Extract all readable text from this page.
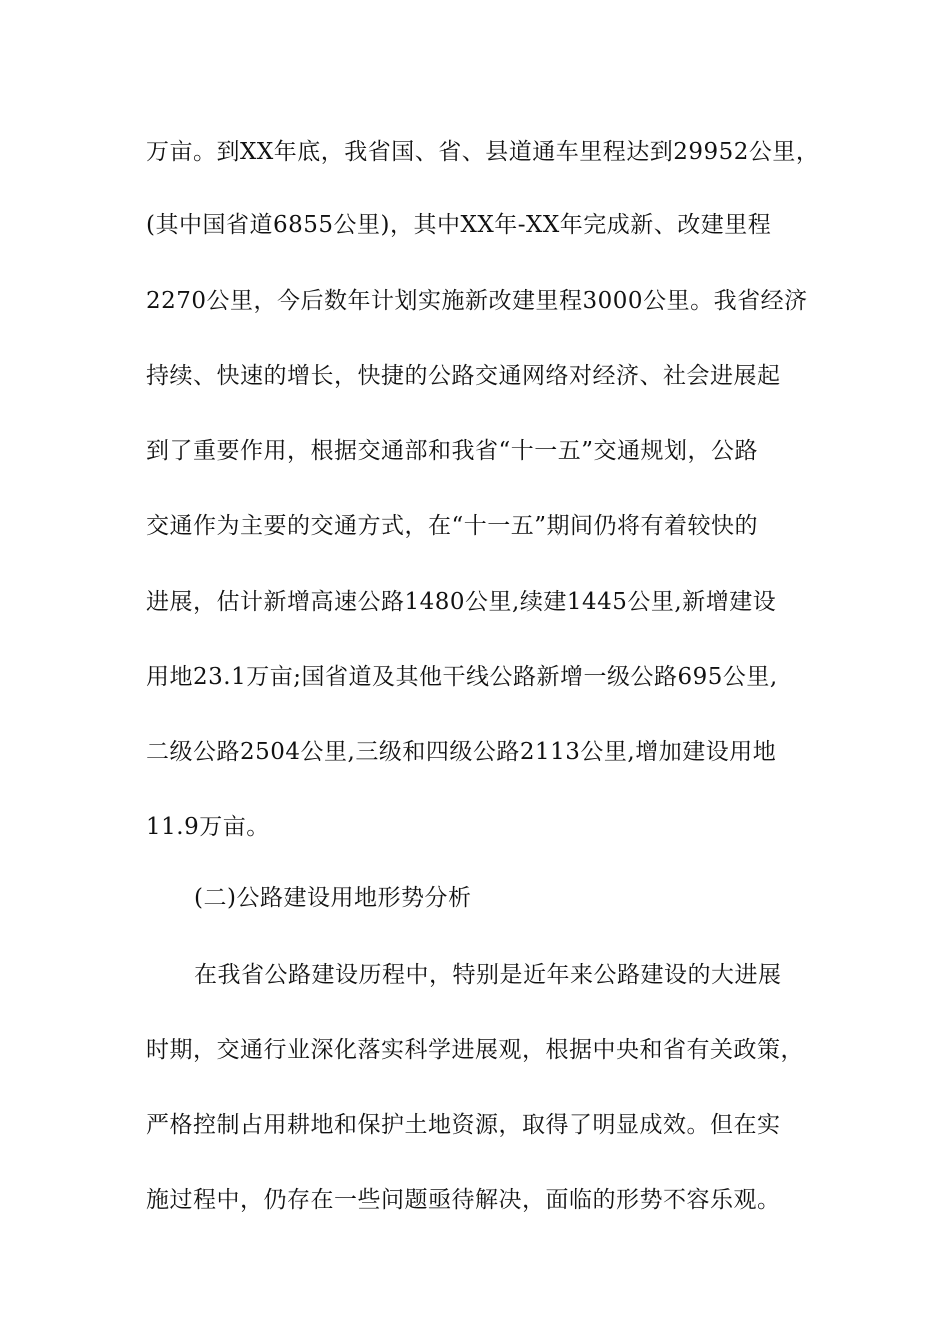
万亩。到XX年底，我省国、省、县道通车里程达到29952公里，
(其中国省道6855公里)，其中XX年-XX年完成新、改建里程
2270公里，今后数年计划实施新改建里程3000公里。我省经济
持续、快速的增长，快捷的公路交通网络对经济、社会进展起
到了重要作用，根据交通部和我省“十一五”交通规划，公路
交通作为主要的交通方式，在“十一五”期间仍将有着较快的
进展，估计新增高速公路1480公里,续建1445公里,新增建设
用地23.1万亩;国省道及其他干线公路新增一级公路695公里,
二级公路2504公里,三级和四级公路2113公里,增加建设用地
11.9万亩。
(二)公路建设用地形势分析
在我省公路建设历程中，特别是近年来公路建设的大进展
时期，交通行业深化落实科学进展观，根据中央和省有关政策，
严格控制占用耕地和保护土地资源，取得了明显成效。但在实
施过程中，仍存在一些问题亟待解决，面临的形势不容乐观。
